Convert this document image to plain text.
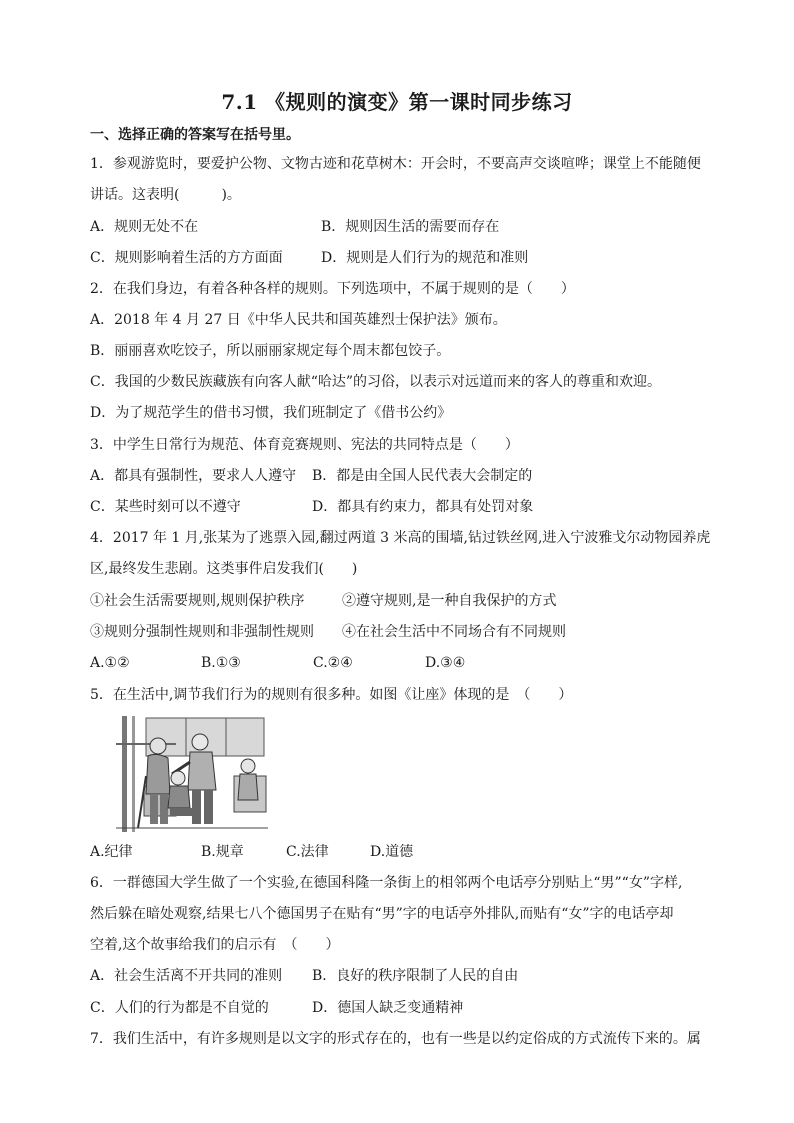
7.1 《规则的演变》第一课时同步练习
一、选择正确的答案写在括号里。
1．参观游览时，要爱护公物、文物古迹和花草树木：开会时，不要高声交谈喧哗；课堂上不能随便
讲话。这表明(　　　)。
A．规则无处不在	B．规则因生活的需要而存在
C．规则影响着生活的方方面面	D．规则是人们行为的规范和准则
2．在我们身边，有着各种各样的规则。下列选项中，不属于规则的是（　　）
A．2018 年 4 月 27 日《中华人民共和国英雄烈士保护法》颁布。
B．丽丽喜欢吃饺子，所以丽丽家规定每个周末都包饺子。
C．我国的少数民族藏族有向客人献“哈达”的习俗，以表示对远道而来的客人的尊重和欢迎。
D．为了规范学生的借书习惯，我们班制定了《借书公约》
3．中学生日常行为规范、体育竞赛规则、宪法的共同特点是（　　）
A．都具有强制性，要求人人遵守 B．都是由全国人民代表大会制定的
C．某些时刻可以不遵守	D．都具有约束力，都具有处罚对象
4．2017 年 1 月,张某为了逃票入园,翻过两道 3 米高的围墙,钻过铁丝网,进入宁波雅戈尔动物园养虎
区,最终发生悲剧。这类事件启发我们(　　)
①社会生活需要规则,规则保护秩序	②遵守规则,是一种自我保护的方式
③规则分强制性规则和非强制性规则 ④在社会生活中不同场合有不同规则
A.①②	B.①③	C.②④	D.③④
5．在生活中,调节我们行为的规则有很多种。如图《让座》体现的是　（　　）
A.纪律	B.规章	C.法律	D.道德
6．一群德国大学生做了一个实验,在德国科隆一条街上的相邻两个电话亭分别贴上“男”“女”字样,
然后躲在暗处观察,结果七八个德国男子在贴有“男”字的电话亭外排队,而贴有“女”字的电话亭却
空着,这个故事给我们的启示有　（　　）
A．社会生活离不开共同的准则 B．良好的秩序限制了人民的自由
C．人们的行为都是不自觉的	D．德国人缺乏变通精神
7．我们生活中，有许多规则是以文字的形式存在的，也有一些是以约定俗成的方式流传下来的。属
